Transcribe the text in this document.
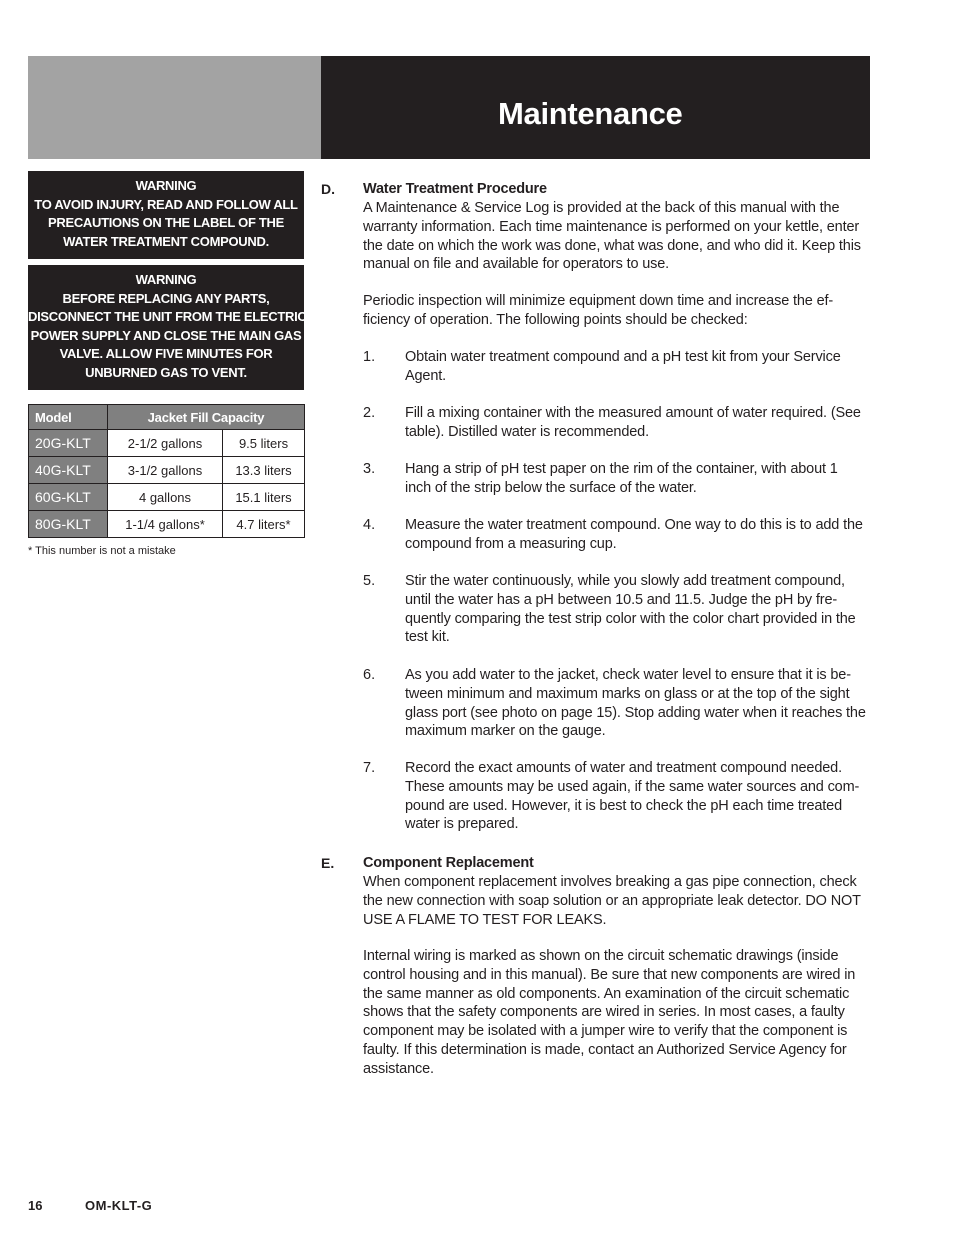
Maintenance
WARNING
TO AVOID INJURY, READ AND FOLLOW ALL
PRECAUTIONS ON THE LABEL OF THE
WATER TREATMENT COMPOUND.
WARNING
BEFORE REPLACING ANY PARTS,
DISCONNECT THE UNIT FROM THE ELECTRIC
POWER SUPPLY AND CLOSE THE MAIN GAS
VALVE. ALLOW FIVE MINUTES FOR
UNBURNED GAS TO VENT.
Model	Jacket Fill Capacity	
20G-KLT	2-1/2 gallons	9.5 liters
40G-KLT	3-1/2 gallons	13.3 liters
60G-KLT	4 gallons	15.1 liters
80G-KLT	1-1/4 gallons*	4.7 liters*
* This number is not a mistake
D. Water Treatment Procedure
A Maintenance & Service Log is provided at the back of this manual with the
warranty information. Each time maintenance is performed on your kettle, enter
the date on which the work was done, what was done, and who did it. Keep this
manual on file and available for operators to use.
Periodic inspection will minimize equipment down time and increase the ef-
ficiency of operation. The following points should be checked:
1. Obtain water treatment compound and a pH test kit from your Service
Agent.
2. Fill a mixing container with the measured amount of water required. (See
table). Distilled water is recommended.
3. Hang a strip of pH test paper on the rim of the container, with about 1
inch of the strip below the surface of the water.
4. Measure the water treatment compound. One way to do this is to add the
compound from a measuring cup.
5. Stir the water continuously, while you slowly add treatment compound,
until the water has a pH between 10.5 and 11.5. Judge the pH by fre-
quently comparing the test strip color with the color chart provided in the
test kit.
6. As you add water to the jacket, check water level to ensure that it is be-
tween minimum and maximum marks on glass or at the top of the sight
glass port (see photo on page 15). Stop adding water when it reaches the
maximum marker on the gauge.
7. Record the exact amounts of water and treatment compound needed.
These amounts may be used again, if the same water sources and com-
pound are used. However, it is best to check the pH each time treated
water is prepared.
E. Component Replacement
When component replacement involves breaking a gas pipe connection, check
the new connection with soap solution or an appropriate leak detector. DO NOT
USE A FLAME TO TEST FOR LEAKS.
Internal wiring is marked as shown on the circuit schematic drawings (inside
control housing and in this manual). Be sure that new components are wired in
the same manner as old components. An examination of the circuit schematic
shows that the safety components are wired in series. In most cases, a faulty
component may be isolated with a jumper wire to verify that the component is
faulty. If this determination is made, contact an Authorized Service Agency for
assistance.
16	OM-KLT-G
